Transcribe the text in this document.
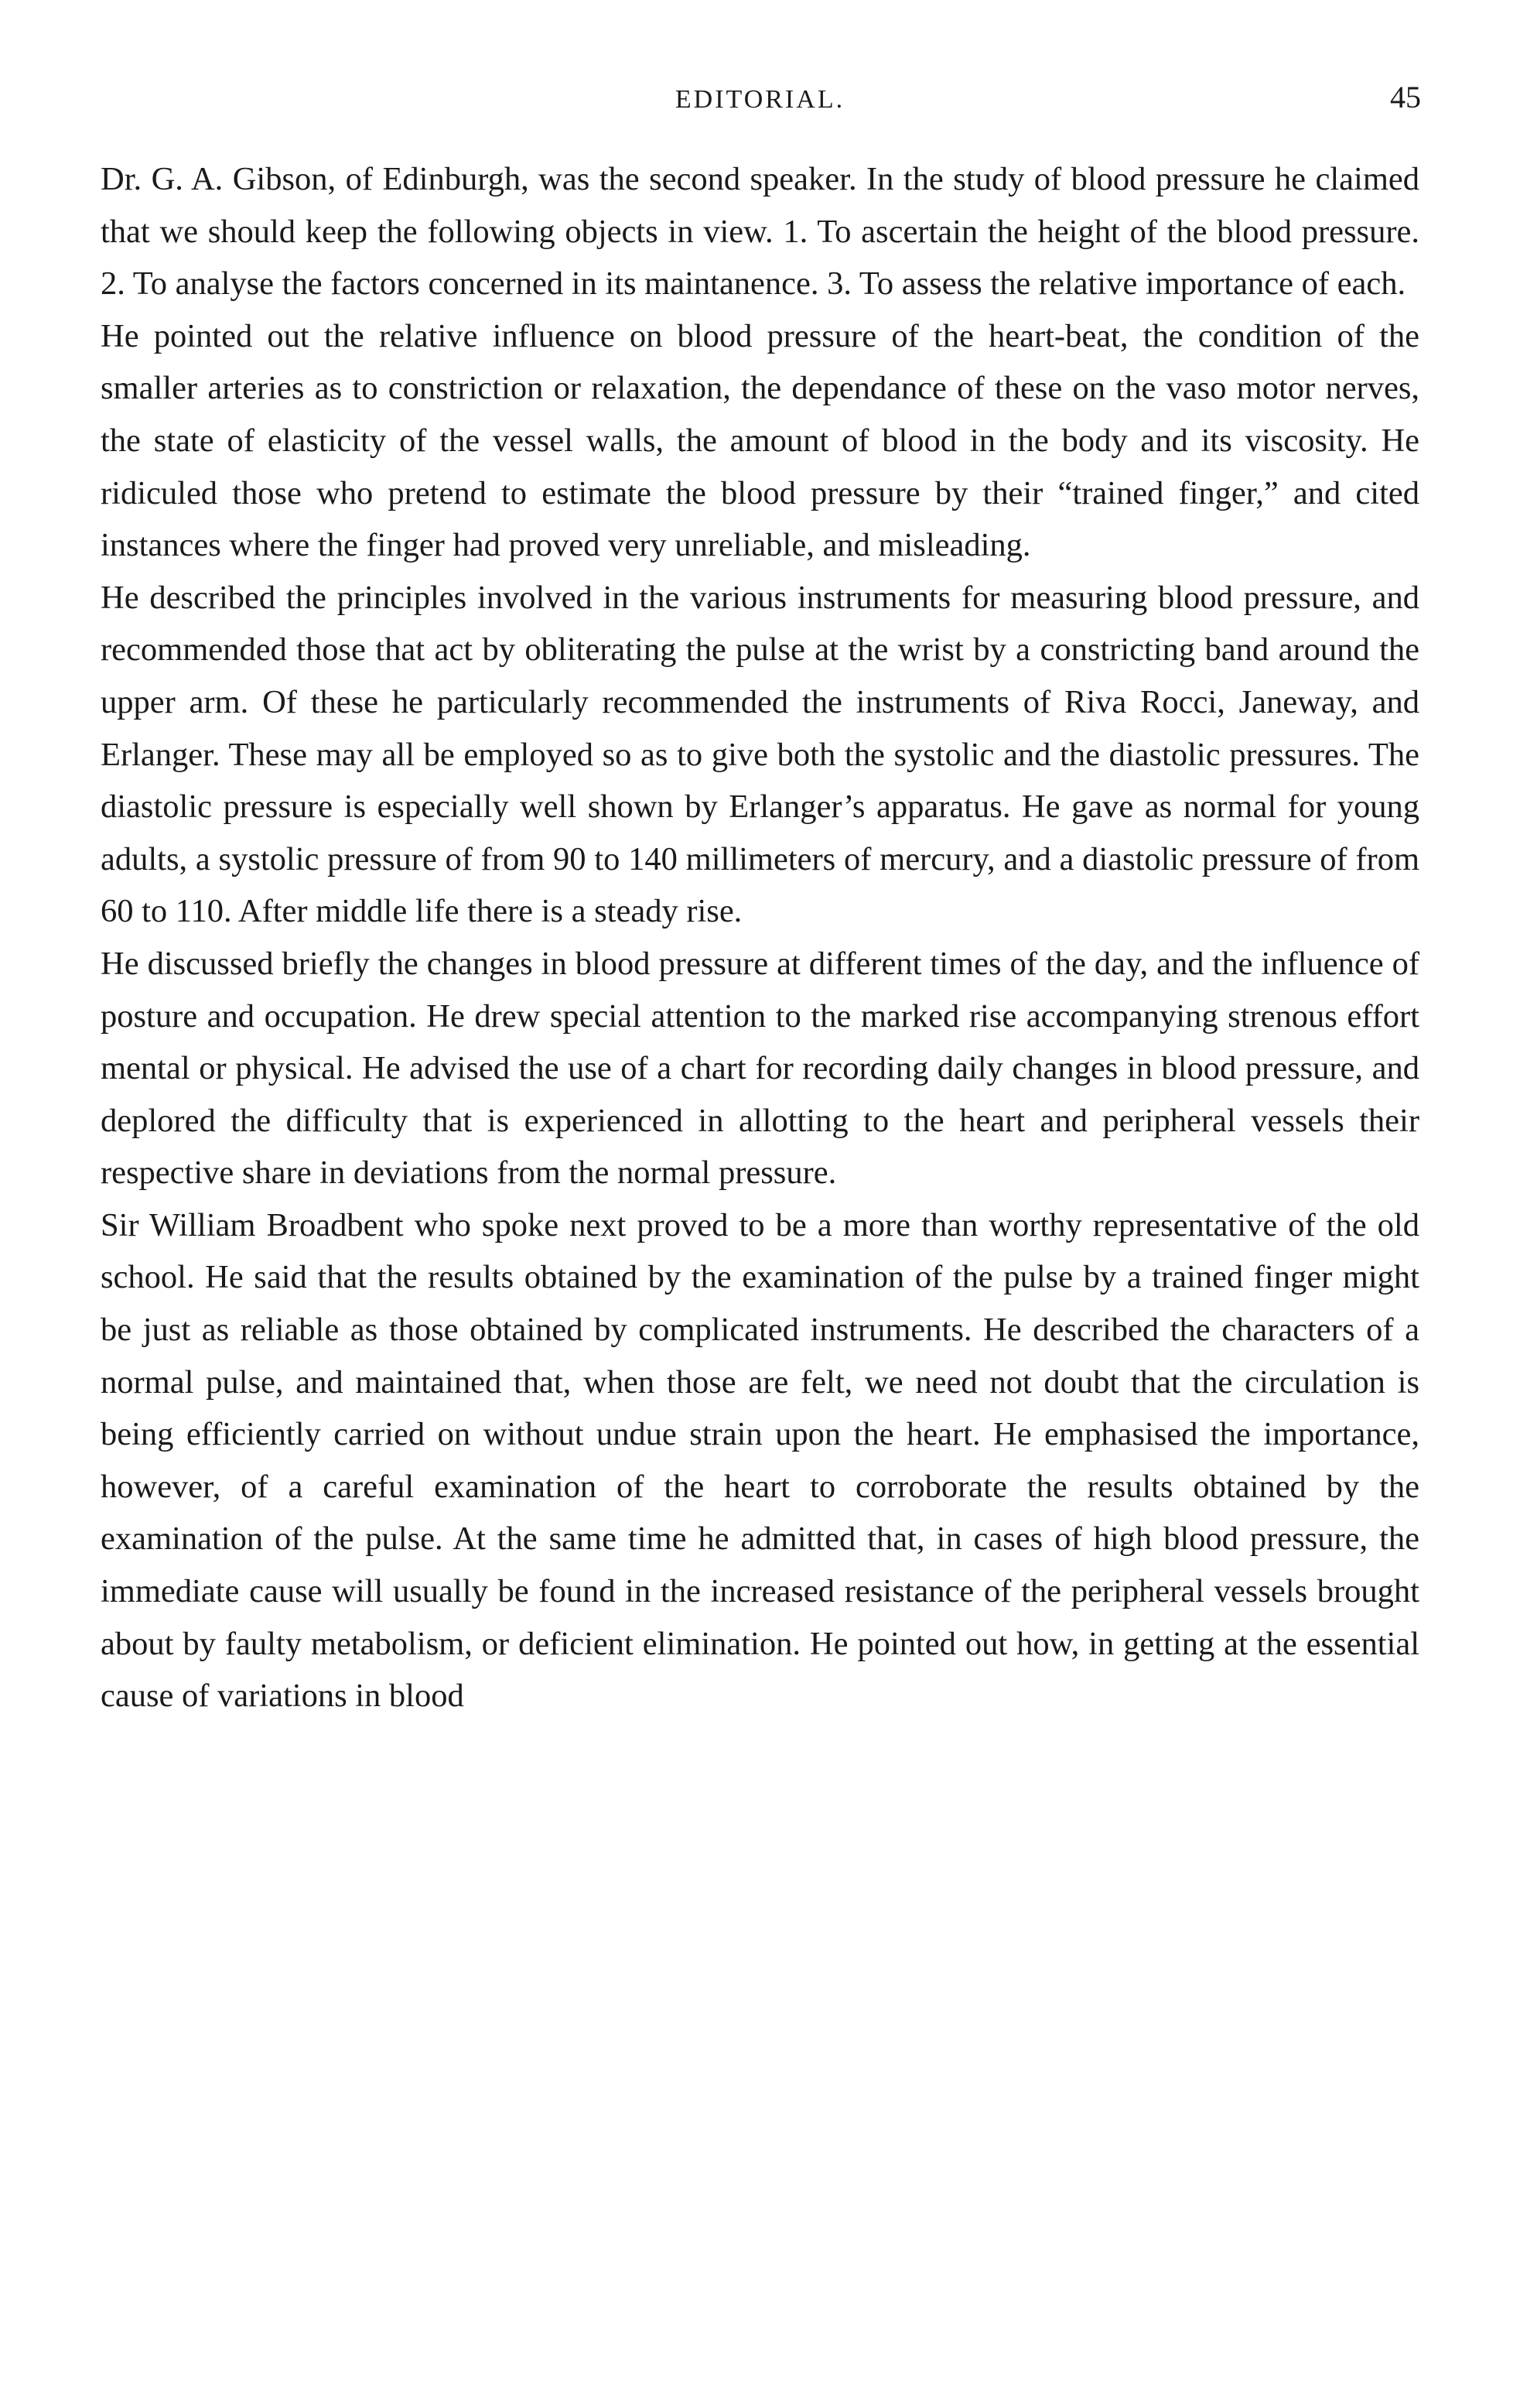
EDITORIAL.	45

Dr. G. A. Gibson, of Edinburgh, was the second speaker. In the study of blood pressure he claimed that we should keep the following objects in view. 1. To ascertain the height of the blood pressure. 2. To analyse the factors concerned in its maintanence. 3. To assess the relative importance of each.

He pointed out the relative influence on blood pressure of the heart-beat, the condition of the smaller arteries as to constriction or relaxation, the dependance of these on the vaso motor nerves, the state of elasticity of the vessel walls, the amount of blood in the body and its viscosity. He ridiculed those who pretend to estimate the blood pressure by their “trained finger,” and cited instances where the finger had proved very unreliable, and misleading.

He described the principles involved in the various instruments for measuring blood pressure, and recommended those that act by obliterating the pulse at the wrist by a constricting band around the upper arm. Of these he particularly recommended the instruments of Riva Rocci, Janeway, and Erlanger. These may all be employed so as to give both the systolic and the diastolic pressures. The diastolic pressure is especially well shown by Erlanger’s apparatus. He gave as normal for young adults, a systolic pressure of from 90 to 140 millimeters of mercury, and a diastolic pressure of from 60 to 110. After middle life there is a steady rise.

He discussed briefly the changes in blood pressure at different times of the day, and the influence of posture and occupation. He drew special attention to the marked rise accompanying strenous effort mental or physical. He advised the use of a chart for recording daily changes in blood pressure, and deplored the difficulty that is experienced in allotting to the heart and peripheral vessels their respective share in deviations from the normal pressure.

Sir William Broadbent who spoke next proved to be a more than worthy representative of the old school. He said that the results obtained by the examination of the pulse by a trained finger might be just as reliable as those obtained by complicated instruments. He described the characters of a normal pulse, and maintained that, when those are felt, we need not doubt that the circulation is being efficiently carried on without undue strain upon the heart. He emphasised the importance, however, of a careful examination of the heart to corroborate the results obtained by the examination of the pulse. At the same time he admitted that, in cases of high blood pressure, the immediate cause will usually be found in the increased resistance of the peripheral vessels brought about by faulty metabolism, or deficient elimination. He pointed out how, in getting at the essential cause of variations in blood
